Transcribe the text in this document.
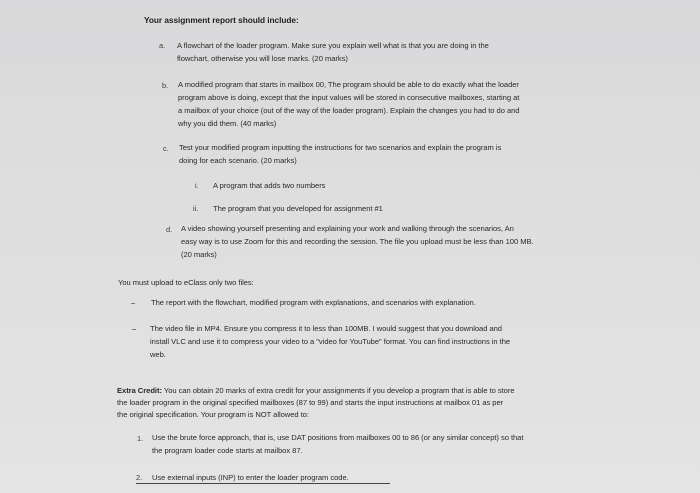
Your assignment report should include:
a. A flowchart of the loader program. Make sure you explain well what is that you are doing in the
flowchart, otherwise you will lose marks. (20 marks)
b. A modified program that starts in mailbox 00, The program should be able to do exactly what the loader
program above is doing, except that the input values will be stored in consecutive mailboxes, starting at
a mailbox of your choice (out of the way of the loader program). Explain the changes you had to do and
why you did them. (40 marks)
c. Test your modified program inputting the instructions for two scenarios and explain the program is
doing for each scenario. (20 marks)
i. A program that adds two numbers
ii. The program that you developed for assignment #1
d. A video showing yourself presenting and explaining your work and walking through the scenarios, An
easy way is to use Zoom for this and recording the session. The file you upload must be less than 100 MB.
(20 marks)
You must upload to eClass only two files:
The report with the flowchart, modified program with explanations, and scenarios with explanation.
The video file in MP4. Ensure you compress it to less than 100MB. I would suggest that you download and
install VLC and use it to compress your video to a "video for YouTube" format. You can find instructions in the
web.
Extra Credit: You can obtain 20 marks of extra credit for your assignments if you develop a program that is able to store
the loader program in the original specified mailboxes (87 to 99) and starts the input instructions at mailbox 01 as per
the original specification. Your program is NOT allowed to:
1. Use the brute force approach, that is, use DAT positions from mailboxes 00 to 86 (or any similar concept) so that
the program loader code starts at mailbox 87.
2. Use external inputs (INP) to enter the loader program code.
